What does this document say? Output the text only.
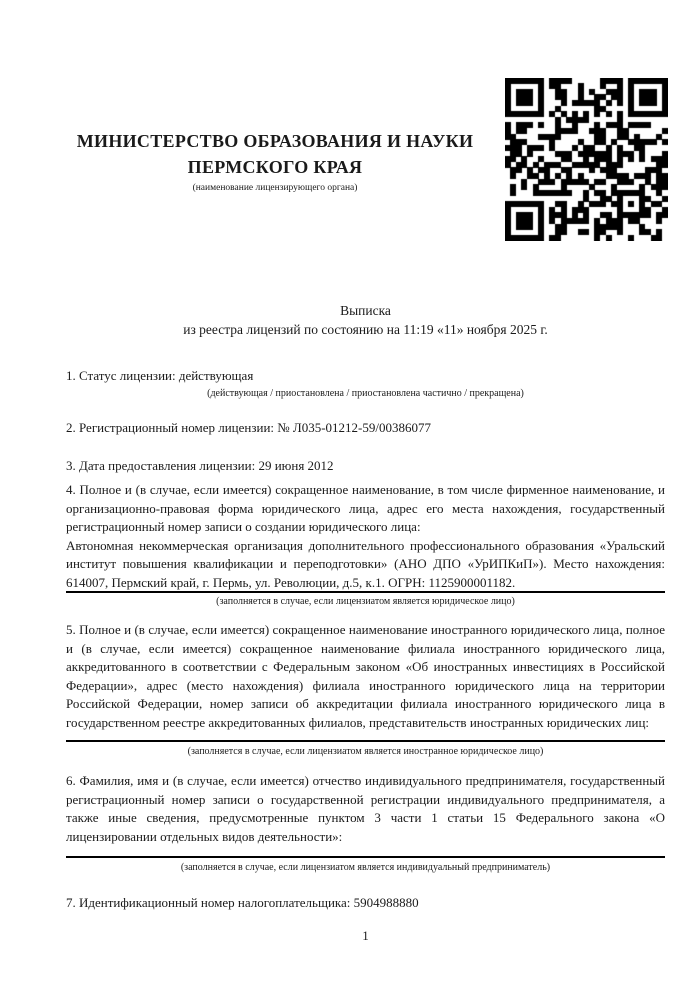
МИНИСТЕРСТВО ОБРАЗОВАНИЯ И НАУКИ
ПЕРМСКОГО КРАЯ
(наименование лицензирующего органа)
Выписка
из реестра лицензий по состоянию на 11:19 «11» ноября 2025 г.
1. Статус лицензии: действующая
(действующая / приостановлена / приостановлена частично / прекращена)
2. Регистрационный номер лицензии: № Л035-01212-59/00386077
3. Дата предоставления лицензии: 29 июня 2012
4. Полное и (в случае, если имеется) сокращенное наименование, в том числе фирменное наименование, и организационно-правовая форма юридического лица, адрес его места нахождения, государственный регистрационный номер записи о создании юридического лица:
Автономная некоммерческая организация дополнительного профессионального образования «Уральский институт повышения квалификации и переподготовки» (АНО ДПО «УрИПКиП»). Место нахождения: 614007, Пермский край, г. Пермь, ул. Революции, д.5, к.1. ОГРН: 1125900001182.
(заполняется в случае, если лицензиатом является юридическое лицо)
5. Полное и (в случае, если имеется) сокращенное наименование иностранного юридического лица, полное и (в случае, если имеется) сокращенное наименование филиала иностранного юридического лица, аккредитованного в соответствии с Федеральным законом «Об иностранных инвестициях в Российской Федерации», адрес (место нахождения) филиала иностранного юридического лица на территории Российской Федерации, номер записи об аккредитации филиала иностранного юридического лица в государственном реестре аккредитованных филиалов, представительств иностранных юридических лиц:
(заполняется в случае, если лицензиатом является иностранное юридическое лицо)
6. Фамилия, имя и (в случае, если имеется) отчество индивидуального предпринимателя, государственный регистрационный номер записи о государственной регистрации индивидуального предпринимателя, а также иные сведения, предусмотренные пунктом 3 части 1 статьи 15 Федерального закона «О лицензировании отдельных видов деятельности»:
(заполняется в случае, если лицензиатом является индивидуальный предприниматель)
7. Идентификационный номер налогоплательщика: 5904988880
1
